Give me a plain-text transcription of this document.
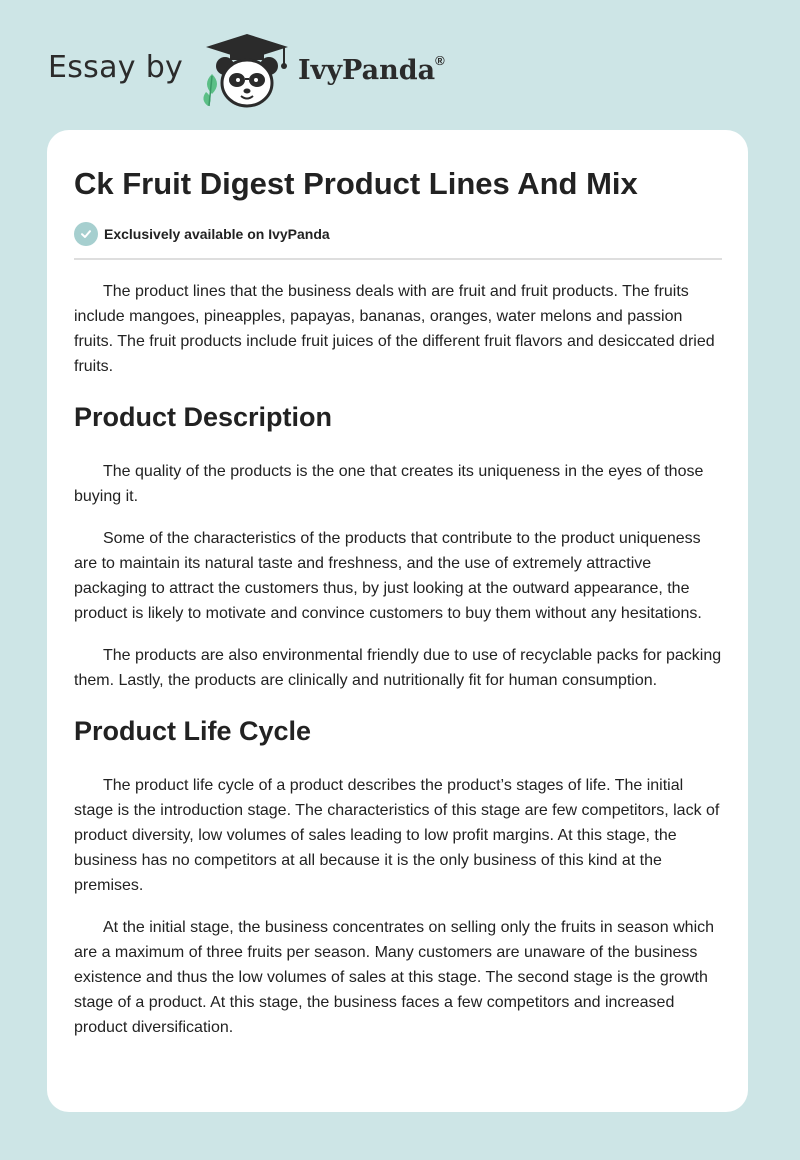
Essay by	IvyPanda®
Ck Fruit Digest Product Lines And Mix
Exclusively available on IvyPanda

The product lines that the business deals with are fruit and fruit products. The fruits include mangoes, pineapples, papayas, bananas, oranges, water melons and passion fruits. The fruit products include fruit juices of the different fruit flavors and desiccated dried fruits.

Product Description

The quality of the products is the one that creates its uniqueness in the eyes of those buying it.

Some of the characteristics of the products that contribute to the product uniqueness are to maintain its natural taste and freshness, and the use of extremely attractive packaging to attract the customers thus, by just looking at the outward appearance, the product is likely to motivate and convince customers to buy them without any hesitations.

The products are also environmental friendly due to use of recyclable packs for packing them. Lastly, the products are clinically and nutritionally fit for human consumption.

Product Life Cycle

The product life cycle of a product describes the product’s stages of life. The initial stage is the introduction stage. The characteristics of this stage are few competitors, lack of product diversity, low volumes of sales leading to low profit margins. At this stage, the business has no competitors at all because it is the only business of this kind at the premises.

At the initial stage, the business concentrates on selling only the fruits in season which are a maximum of three fruits per season. Many customers are unaware of the business existence and thus the low volumes of sales at this stage. The second stage is the growth stage of a product. At this stage, the business faces a few competitors and increased product diversification.
